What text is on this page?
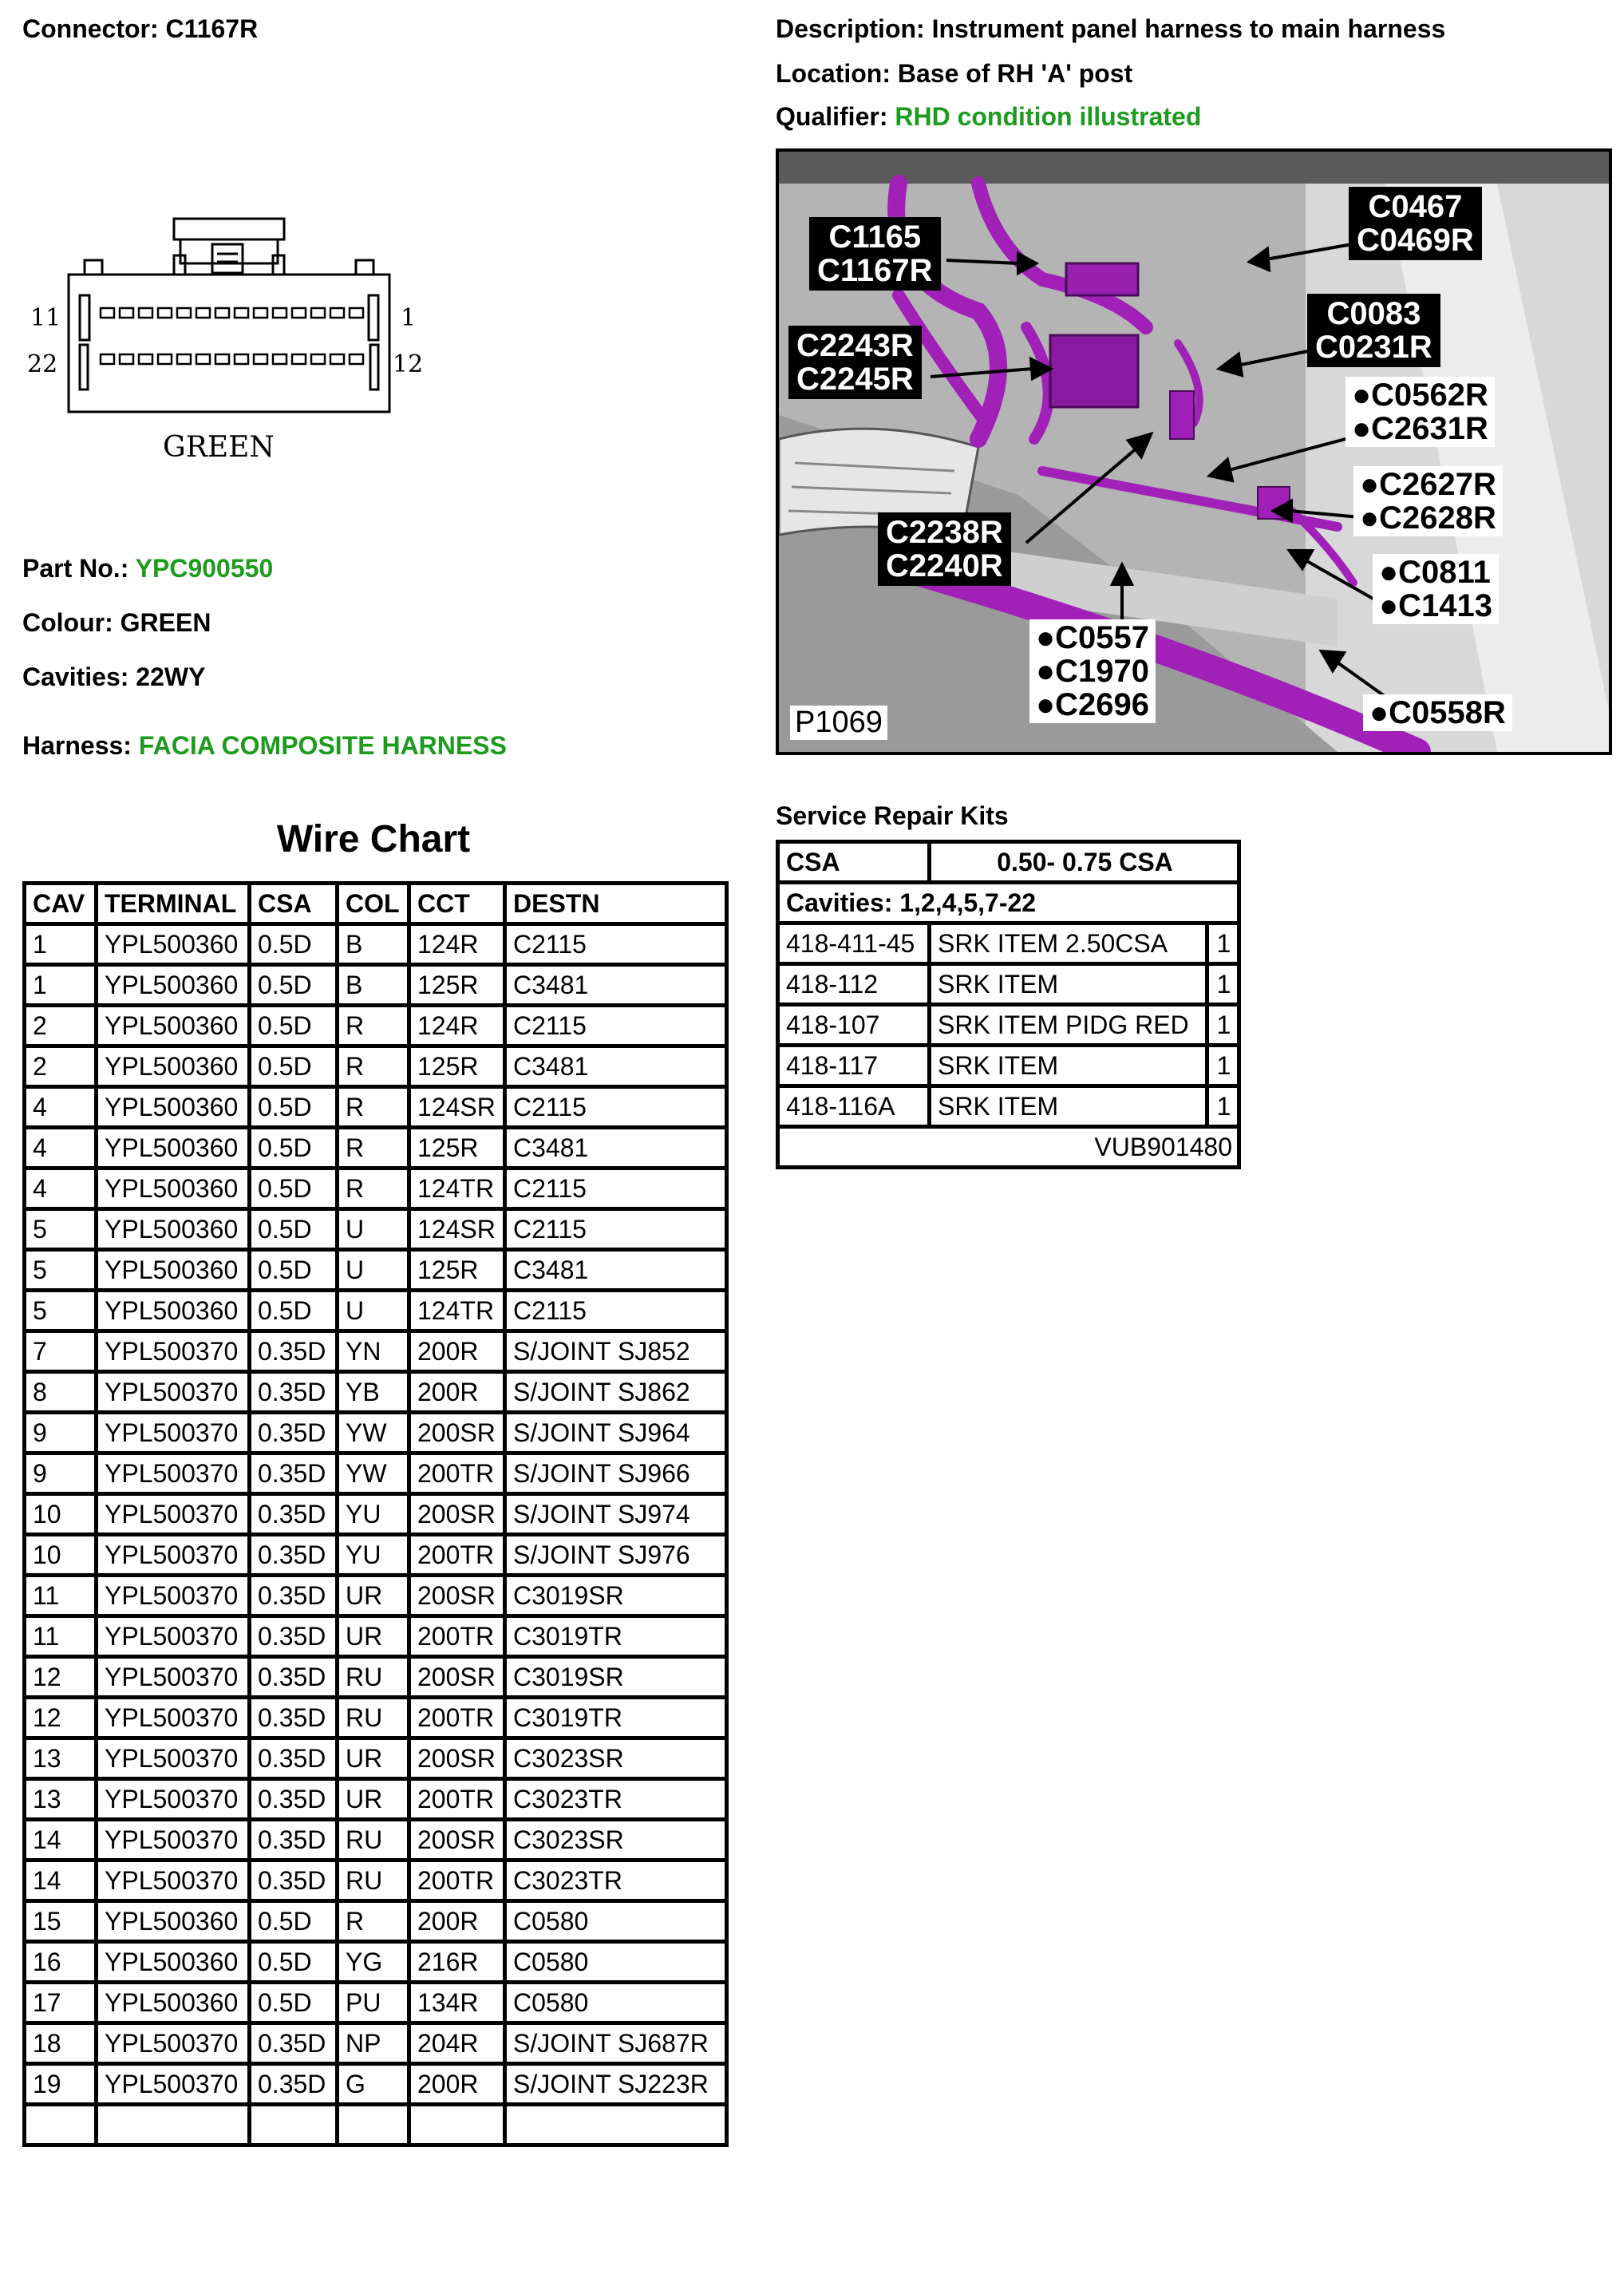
Connector: C1167R	Description: Instrument panel harness to main harness
Location: Base of RH 'A' post
Qualifier: RHD condition illustrated
11
22
1
12
GREEN
Part No.: YPC900550
Colour: GREEN
Cavities: 22WY
Harness: FACIA COMPOSITE HARNESS
C1165
C1167R
C0467
C0469R
C2243R
C2245R
C0083
C0231R
C2238R
C2240R
●C0562R
●C2631R
●C2627R
●C2628R
●C0811
●C1413
●C0557
●C1970
●C2696	●C0558R
P1069
Wire Chart
CAV	TERMINAL	CSA	COL	CCT	DESTN
1	YPL500360	0.5D	B	124R	C2115
1	YPL500360	0.5D	B	125R	C3481
2	YPL500360	0.5D	R	124R	C2115
2	YPL500360	0.5D	R	125R	C3481
4	YPL500360	0.5D	R	124SR	C2115
4	YPL500360	0.5D	R	125R	C3481
4	YPL500360	0.5D	R	124TR	C2115
5	YPL500360	0.5D	U	124SR	C2115
5	YPL500360	0.5D	U	125R	C3481
5	YPL500360	0.5D	U	124TR	C2115
7	YPL500370	0.35D	YN	200R	S/JOINT SJ852
8	YPL500370	0.35D	YB	200R	S/JOINT SJ862
9	YPL500370	0.35D	YW	200SR	S/JOINT SJ964
9	YPL500370	0.35D	YW	200TR	S/JOINT SJ966
10	YPL500370	0.35D	YU	200SR	S/JOINT SJ974
10	YPL500370	0.35D	YU	200TR	S/JOINT SJ976
11	YPL500370	0.35D	UR	200SR	C3019SR
11	YPL500370	0.35D	UR	200TR	C3019TR
12	YPL500370	0.35D	RU	200SR	C3019SR
12	YPL500370	0.35D	RU	200TR	C3019TR
13	YPL500370	0.35D	UR	200SR	C3023SR
13	YPL500370	0.35D	UR	200TR	C3023TR
14	YPL500370	0.35D	RU	200SR	C3023SR
14	YPL500370	0.35D	RU	200TR	C3023TR
15	YPL500360	0.5D	R	200R	C0580
16	YPL500360	0.5D	YG	216R	C0580
17	YPL500360	0.5D	PU	134R	C0580
18	YPL500370	0.35D	NP	204R	S/JOINT SJ687R
19	YPL500370	0.35D	G	200R	S/JOINT SJ223R

Service Repair Kits
CSA	0.50- 0.75 CSA	
Cavities: 1,2,4,5,7-22		
418-411-45	SRK ITEM 2.50CSA	1
418-112	SRK ITEM	1
418-107	SRK ITEM PIDG RED	1
418-117	SRK ITEM	1
418-116A	SRK ITEM	1
VUB901480		
